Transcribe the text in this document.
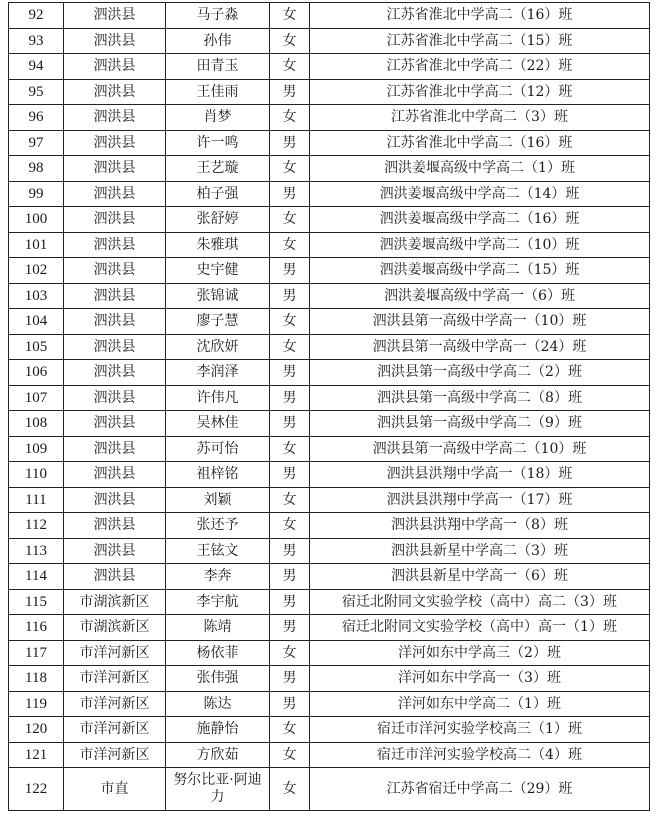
92	泗洪县	马子淼	女	江苏省淮北中学高二（16）班
93	泗洪县	孙伟	女	江苏省淮北中学高二（15）班
94	泗洪县	田青玉	女	江苏省淮北中学高二（22）班
95	泗洪县	王佳雨	男	江苏省淮北中学高二（12）班
96	泗洪县	肖梦	女	江苏省淮北中学高二（3）班
97	泗洪县	许一鸣	男	江苏省淮北中学高二（16）班
98	泗洪县	王艺璇	女	泗洪姜堰高级中学高二（1）班
99	泗洪县	柏子强	男	泗洪姜堰高级中学高二（14）班
100	泗洪县	张舒婷	女	泗洪姜堰高级中学高二（16）班
101	泗洪县	朱雅琪	女	泗洪姜堰高级中学高二（10）班
102	泗洪县	史宇健	男	泗洪姜堰高级中学高二（15）班
103	泗洪县	张锦诚	男	泗洪姜堰高级中学高一（6）班
104	泗洪县	廖子慧	女	泗洪县第一高级中学高一（10）班
105	泗洪县	沈欣妍	女	泗洪县第一高级中学高一（24）班
106	泗洪县	李润泽	男	泗洪县第一高级中学高二（2）班
107	泗洪县	许伟凡	男	泗洪县第一高级中学高二（8）班
108	泗洪县	吴林佳	男	泗洪县第一高级中学高二（9）班
109	泗洪县	苏可怡	女	泗洪县第一高级中学高二（10）班
110	泗洪县	祖梓铭	男	泗洪县洪翔中学高一（18）班
111	泗洪县	刘颖	女	泗洪县洪翔中学高一（17）班
112	泗洪县	张还予	女	泗洪县洪翔中学高一（8）班
113	泗洪县	王铉文	男	泗洪县新星中学高二（3）班
114	泗洪县	李奔	男	泗洪县新星中学高一（6）班
115	市湖滨新区	李宇航	男	宿迁北附同文实验学校（高中）高二（3）班
116	市湖滨新区	陈靖	男	宿迁北附同文实验学校（高中）高一（1）班
117	市洋河新区	杨依菲	女	洋河如东中学高三（2）班
118	市洋河新区	张伟强	男	洋河如东中学高一（3）班
119	市洋河新区	陈达	男	洋河如东中学高二（1）班
120	市洋河新区	施静怡	女	宿迁市洋河实验学校高三（1）班
121	市洋河新区	方欣茹	女	宿迁市洋河实验学校高二（4）班
122	市直	努尔比亚·阿迪力	女	江苏省宿迁中学高二（29）班
